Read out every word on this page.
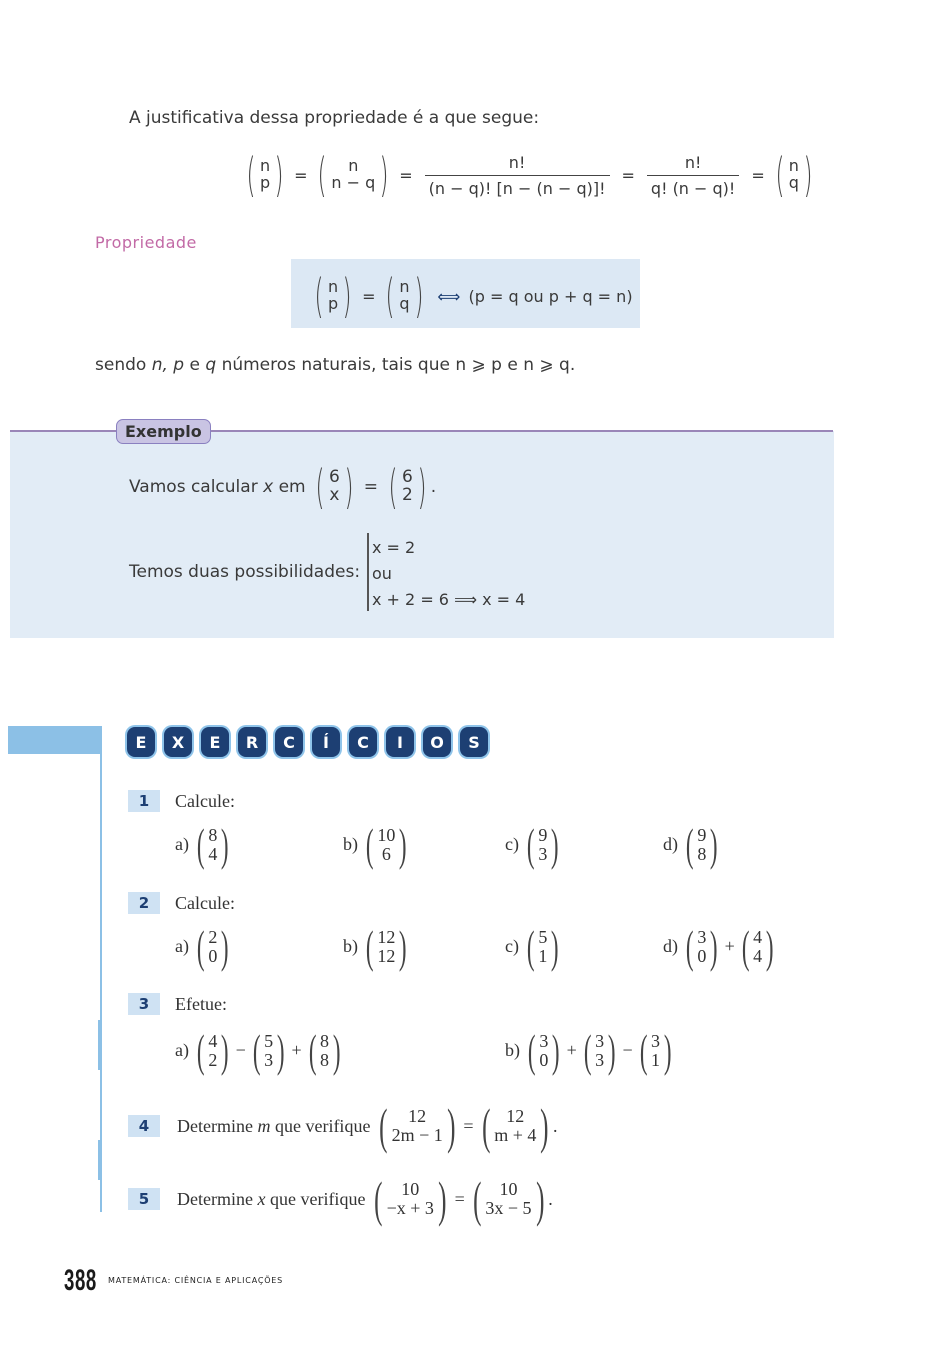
A justificativa dessa propriedade é a que segue:
( n
p ) = ( n
n − q ) = $\frac{n!}{(n - q)! [n - (n - q)]!} = \frac{n!}{q! (n - q)!}$ = ( n
q )
Propriedade
( n
p ) = ( n
q ) ⟺ (p = q ou p + q = n)
sendo n, p e q números naturais, tais que n ⩾ p e n ⩾ q.
Exemplo
Vamos calcular
x
em
( 6
x ) = ( 6
2 ) .
Temos duas possibilidades:
x = 2
ou
x + 2 = 6 ⟹ x = 4
E	X	E	R	C	Í	C	I	O	S
1	Calcule:
a) ( 8
4 )	b) ( 10
6 )	c) ( 9
3 )	d) ( 9
8 )
2	Calcule:
a) ( 2
0 )	b) ( 12
12 )	c) ( 5
1 )	d) ( 3
0 ) + ( 4
4 )
3	Efetue:
a) ( 4
2 ) − ( 5
3 ) + ( 8
8 )	b) ( 3
0 ) + ( 3
3 ) − ( 3
1 )
4	Determine
m
que verifique
( 12
2m − 1 ) = ( 12
m + 4 ) .
5	Determine
x
que verifique
( 10
−x + 3 ) = ( 10
3x − 5 ) .
388 MATEMÁTICA: CIÊNCIA E APLICAÇÕES
